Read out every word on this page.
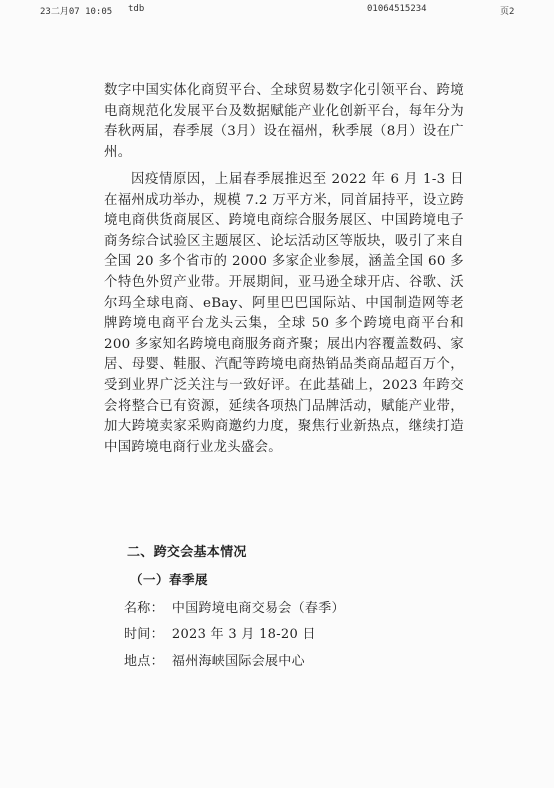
23二月07 10:05 tdb	01064515234	页2

数字中国实体化商贸平台、全球贸易数字化引领平台、跨境电商规范化发展平台及数据赋能产业化创新平台，每年分为春秋两届，春季展（3月）设在福州，秋季展（8月）设在广州。

因疫情原因，上届春季展推迟至 2022 年 6 月 1-3 日在福州成功举办，规模 7.2 万平方米，同首届持平，设立跨境电商供货商展区、跨境电商综合服务展区、中国跨境电子商务综合试验区主题展区、论坛活动区等版块，吸引了来自全国 20 多个省市的 2000 多家企业参展，涵盖全国 60 多个特色外贸产业带。开展期间，亚马逊全球开店、谷歌、沃尔玛全球电商、eBay、阿里巴巴国际站、中国制造网等老牌跨境电商平台龙头云集，全球 50 多个跨境电商平台和 200 多家知名跨境电商服务商齐聚；展出内容覆盖数码、家居、母婴、鞋服、汽配等跨境电商热销品类商品超百万个，受到业界广泛关注与一致好评。在此基础上，2023 年跨交会将整合已有资源，延续各项热门品牌活动，赋能产业带，加大跨境卖家采购商邀约力度，聚焦行业新热点，继续打造中国跨境电商行业龙头盛会。

二、跨交会基本情况
（一）春季展
名称： 中国跨境电商交易会（春季）
时间： 2023 年 3 月 18-20 日
地点： 福州海峡国际会展中心
